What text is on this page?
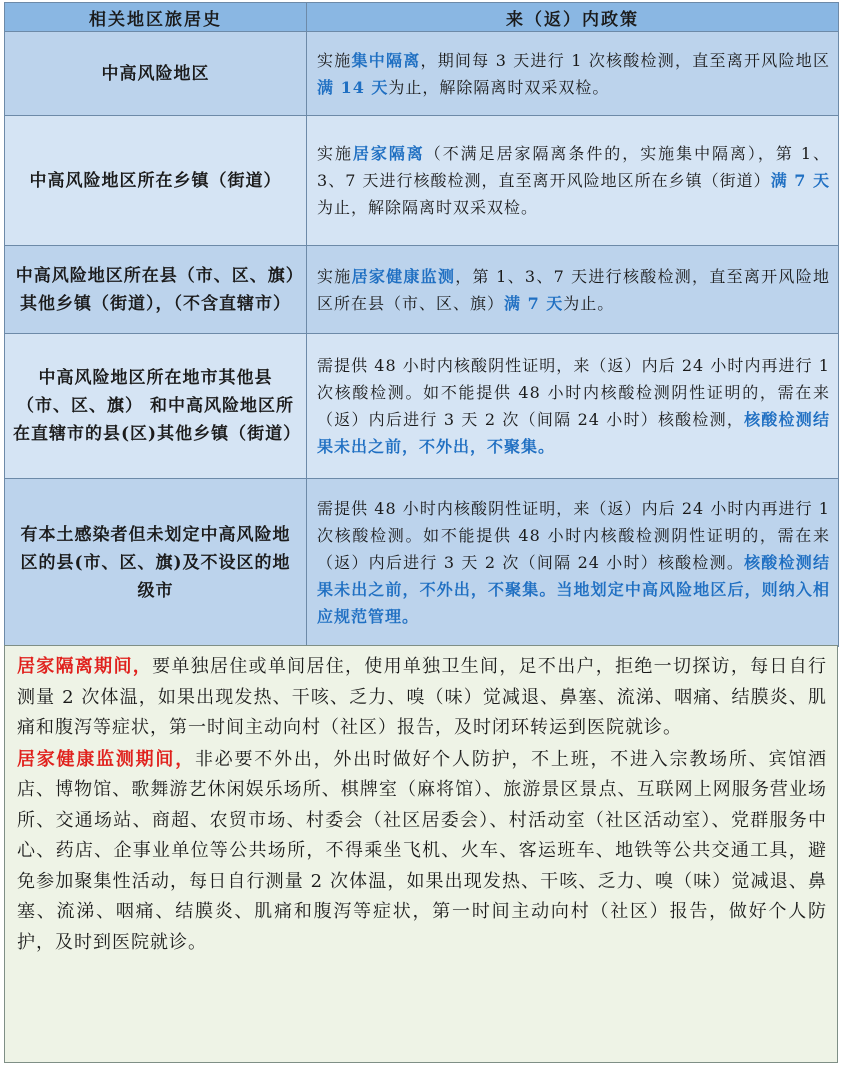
相关地区旅居史	来（返）内政策
中高风险地区	实施集中隔离，期间每 3 天进行 1 次核酸检测，直至离开风险地区满 14 天为止，解除隔离时双采双检。
中高风险地区所在乡镇（街道）	实施居家隔离（不满足居家隔离条件的，实施集中隔离），第 1、3、7 天进行核酸检测，直至离开风险地区所在乡镇（街道）满 7 天为止，解除隔离时双采双检。
中高风险地区所在县（市、区、旗）其他乡镇（街道），（不含直辖市）	实施居家健康监测，第 1、3、7 天进行核酸检测，直至离开风险地区所在县（市、区、旗）满 7 天为止。
中高风险地区所在地市其他县（市、区、旗） 和中高风险地区所在直辖市的县(区)其他乡镇（街道）	需提供 48 小时内核酸阴性证明，来（返）内后 24 小时内再进行 1 次核酸检测。如不能提供 48 小时内核酸检测阴性证明的，需在来（返）内后进行 3 天 2 次（间隔 24 小时）核酸检测，核酸检测结果未出之前，不外出，不聚集。
有本土感染者但未划定中高风险地区的县(市、区、旗)及不设区的地级市	需提供 48 小时内核酸阴性证明，来（返）内后 24 小时内再进行 1 次核酸检测。如不能提供 48 小时内核酸检测阴性证明的，需在来（返）内后进行 3 天 2 次（间隔 24 小时）核酸检测。核酸检测结果未出之前，不外出，不聚集。当地划定中高风险地区后，则纳入相应规范管理。

居家隔离期间，要单独居住或单间居住，使用单独卫生间，足不出户，拒绝一切探访，每日自行测量 2 次体温，如果出现发热、干咳、乏力、嗅（味）觉减退、鼻塞、流涕、咽痛、结膜炎、肌痛和腹泻等症状，第一时间主动向村（社区）报告，及时闭环转运到医院就诊。

居家健康监测期间，非必要不外出，外出时做好个人防护，不上班，不进入宗教场所、宾馆酒店、博物馆、歌舞游艺休闲娱乐场所、棋牌室（麻将馆）、旅游景区景点、互联网上网服务营业场所、交通场站、商超、农贸市场、村委会（社区居委会）、村活动室（社区活动室）、党群服务中心、药店、企事业单位等公共场所，不得乘坐飞机、火车、客运班车、地铁等公共交通工具，避免参加聚集性活动，每日自行测量 2 次体温，如果出现发热、干咳、乏力、嗅（味）觉减退、鼻塞、流涕、咽痛、结膜炎、肌痛和腹泻等症状，第一时间主动向村（社区）报告，做好个人防护，及时到医院就诊。
